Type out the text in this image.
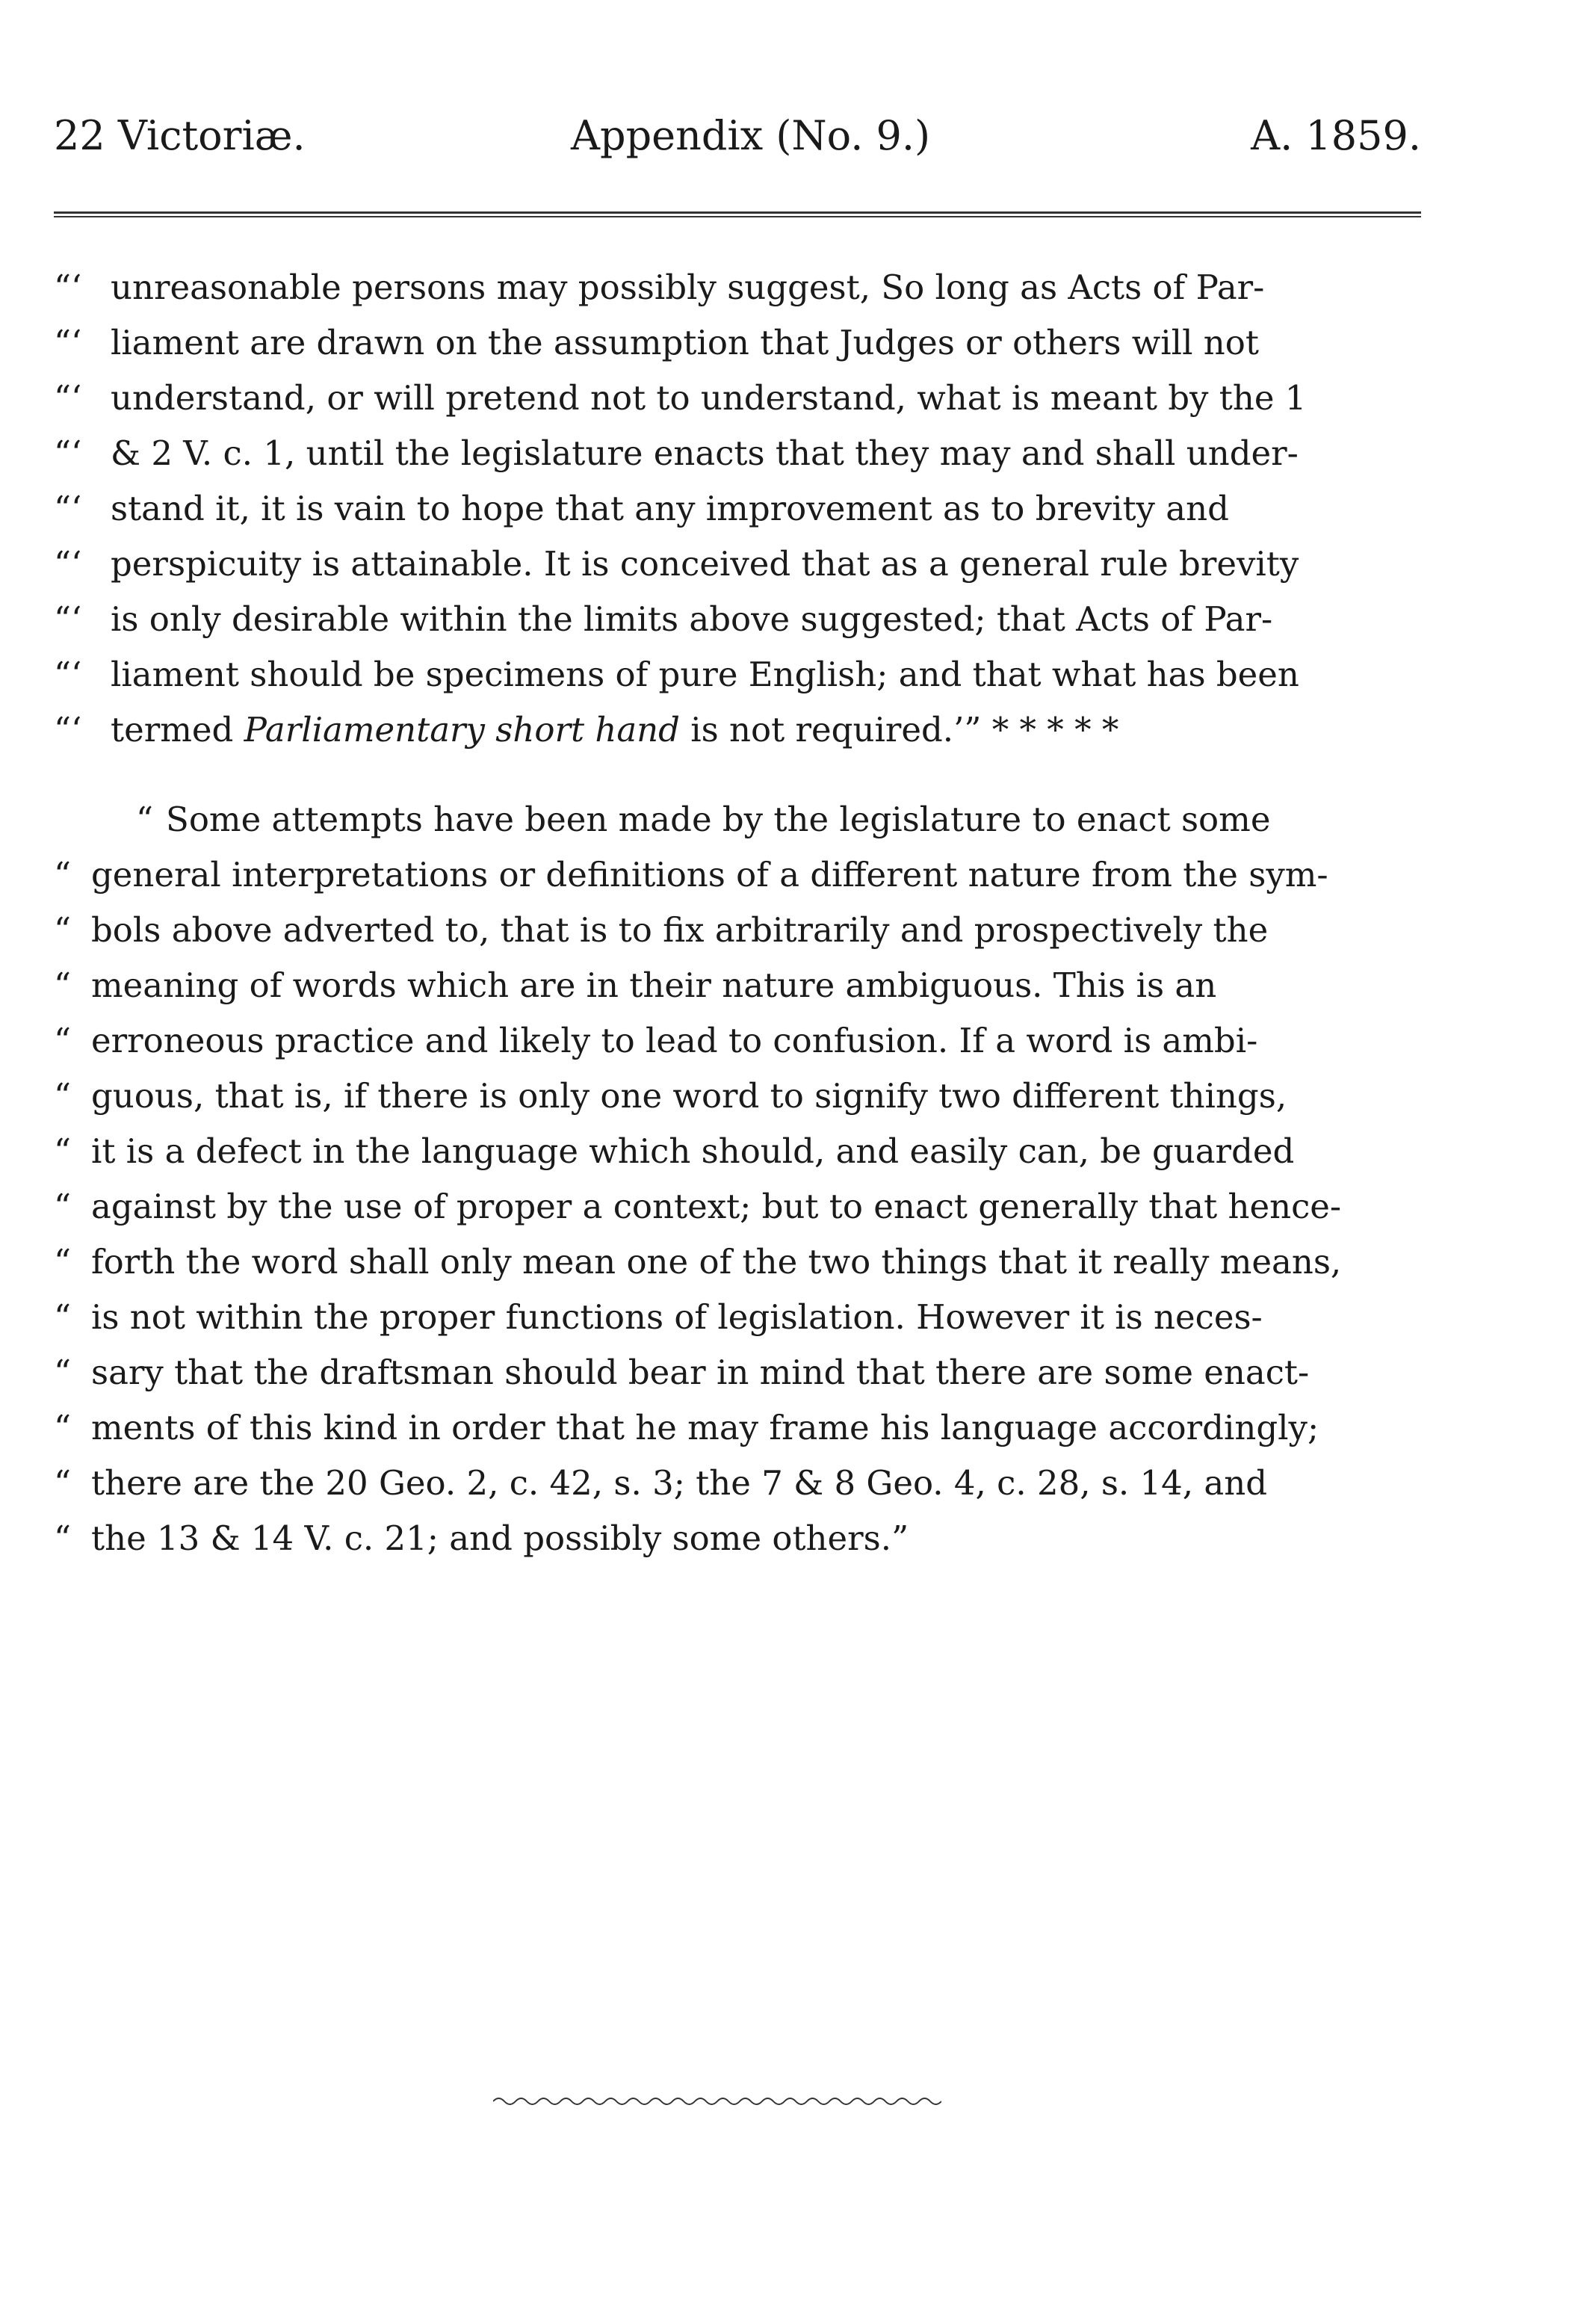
22 Victoriæ.	Appendix (No. 9.)	A. 1859.
“‘ unreasonable persons may possibly suggest, So long as Acts of Par-
“‘ liament are drawn on the assumption that Judges or others will not
“‘ understand, or will pretend not to understand, what is meant by the 1
“‘ & 2 V. c. 1, until the legislature enacts that they may and shall under-
“‘ stand it, it is vain to hope that any improvement as to brevity and
“‘ perspicuity is attainable. It is conceived that as a general rule brevity
“‘ is only desirable within the limits above suggested; that Acts of Par-
“‘ liament should be specimens of pure English; and that what has been
“‘ termed Parliamentary short hand is not required.’” * * * * *
“ Some attempts have been made by the legislature to enact some
“ general interpretations or definitions of a different nature from the sym-
“ bols above adverted to, that is to fix arbitrarily and prospectively the
“ meaning of words which are in their nature ambiguous. This is an
“ erroneous practice and likely to lead to confusion. If a word is ambi-
“ guous, that is, if there is only one word to signify two different things,
“ it is a defect in the language which should, and easily can, be guarded
“ against by the use of proper a context; but to enact generally that hence-
“ forth the word shall only mean one of the two things that it really means,
“ is not within the proper functions of legislation. However it is neces-
“ sary that the draftsman should bear in mind that there are some enact-
“ ments of this kind in order that he may frame his language accordingly;
“ there are the 20 Geo. 2, c. 42, s. 3; the 7 & 8 Geo. 4, c. 28, s. 14, and
“ the 13 & 14 V. c. 21; and possibly some others.”
